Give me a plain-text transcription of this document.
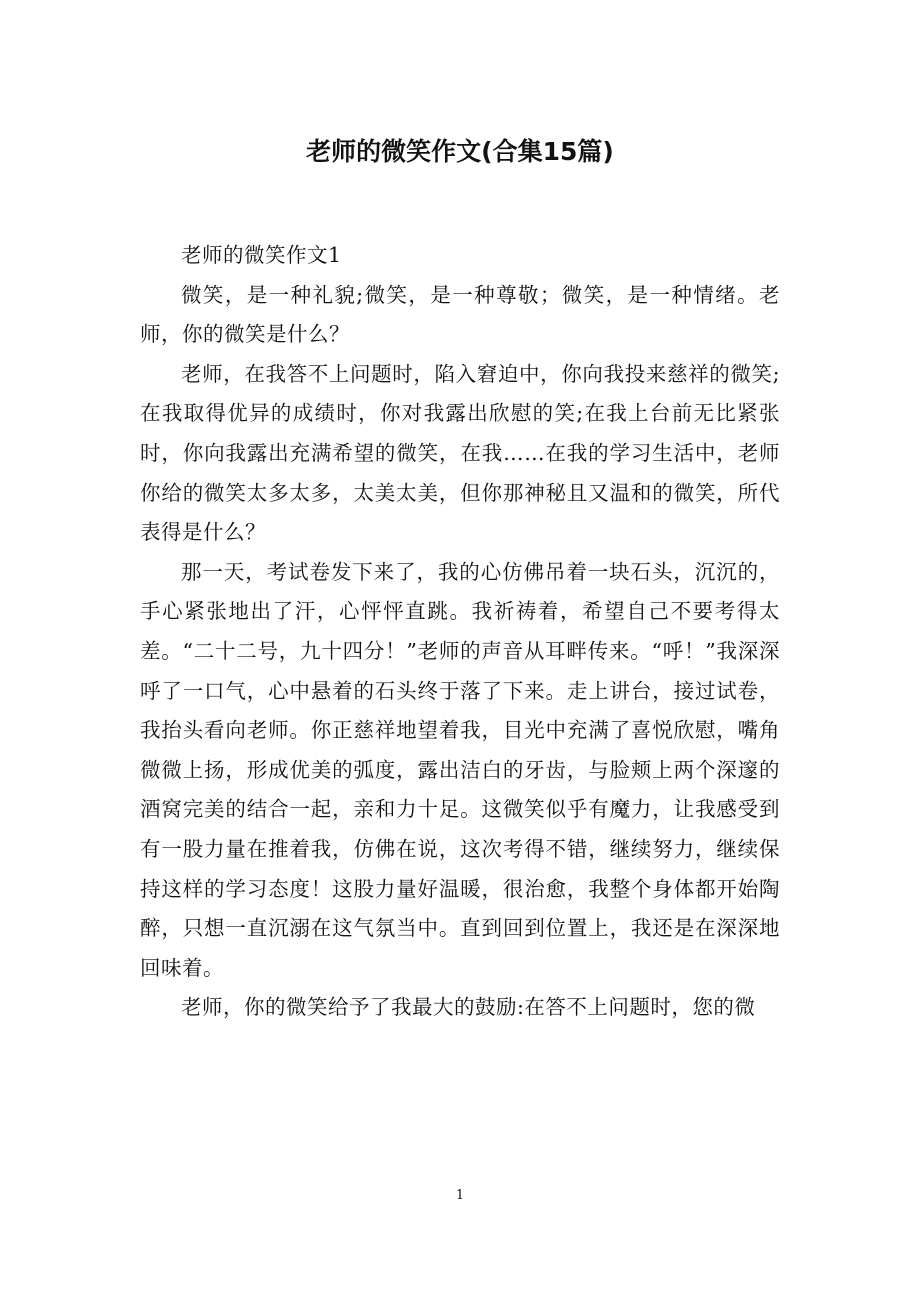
老师的微笑作文(合集15篇)

老师的微笑作文1

微笑，是一种礼貌;微笑，是一种尊敬；微笑，是一种情绪。老师，你的微笑是什么？

老师，在我答不上问题时，陷入窘迫中，你向我投来慈祥的微笑;在我取得优异的成绩时，你对我露出欣慰的笑;在我上台前无比紧张时，你向我露出充满希望的微笑，在我……在我的学习生活中，老师你给的微笑太多太多，太美太美，但你那神秘且又温和的微笑，所代表得是什么？

那一天，考试卷发下来了，我的心仿佛吊着一块石头，沉沉的，手心紧张地出了汗，心怦怦直跳。我祈祷着，希望自己不要考得太差。“二十二号，九十四分！”老师的声音从耳畔传来。“呼！”我深深呼了一口气，心中悬着的石头终于落了下来。走上讲台，接过试卷，我抬头看向老师。你正慈祥地望着我，目光中充满了喜悦欣慰，嘴角微微上扬，形成优美的弧度，露出洁白的牙齿，与脸颊上两个深邃的酒窝完美的结合一起，亲和力十足。这微笑似乎有魔力，让我感受到有一股力量在推着我，仿佛在说，这次考得不错，继续努力，继续保持这样的学习态度！这股力量好温暖，很治愈，我整个身体都开始陶醉，只想一直沉溺在这气氛当中。直到回到位置上，我还是在深深地回味着。

老师，你的微笑给予了我最大的鼓励:在答不上问题时，您的微

1
